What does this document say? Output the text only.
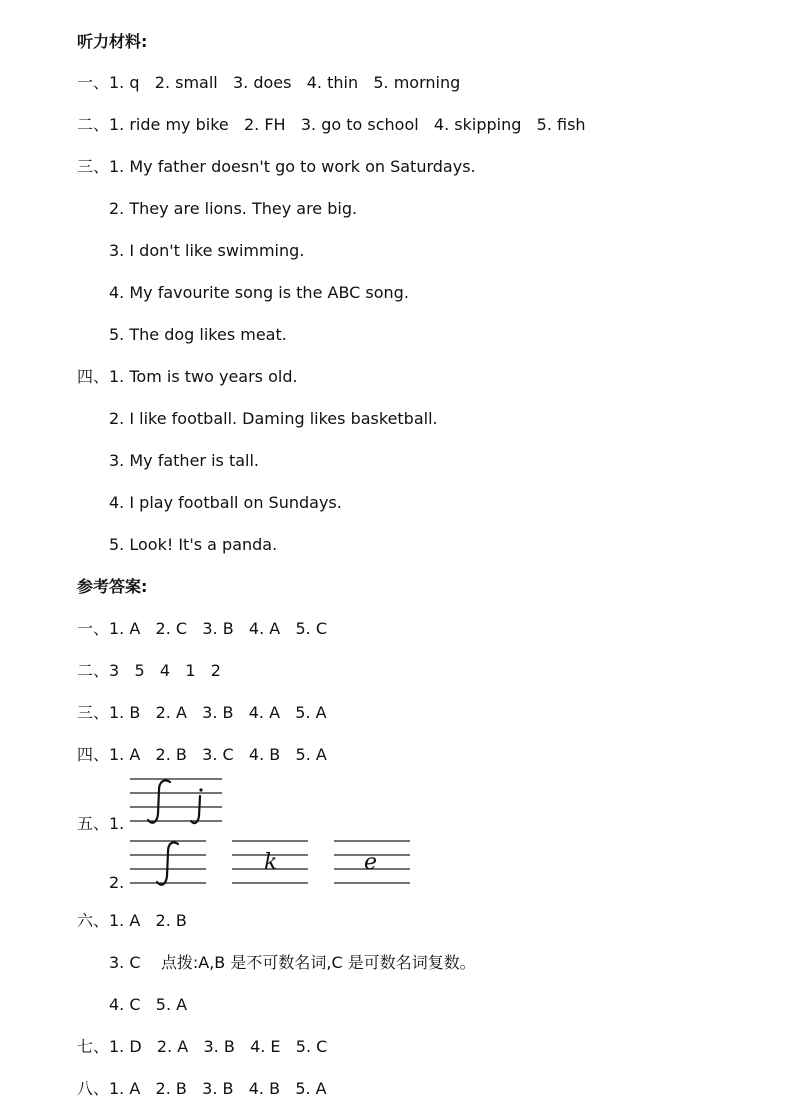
听力材料:
一、1. q   2. small   3. does   4. thin   5. morning
二、1. ride my bike   2. FH   3. go to school   4. skipping   5. fish
三、1. My father doesn't go to work on Saturdays.
2. They are lions. They are big.
3. I don't like swimming.
4. My favourite song is the ABC song.
5. The dog likes meat.
四、1. Tom is two years old.
2. I like football. Daming likes basketball.
3. My father is tall.
4. I play football on Sundays.
5. Look! It's a panda.
参考答案:
一、1. A   2. C   3. B   4. A   5. C
二、3   5   4   1   2
三、1. B   2. A   3. B   4. A   5. A
四、1. A   2. B   3. C   4. B   5. A
五、1.
2.
k	e
六、1. A   2. B
3. C    点拨:A,B 是不可数名词,C 是可数名词复数。
4. C   5. A
七、1. D   2. A   3. B   4. E   5. C
八、1. A   2. B   3. B   4. B   5. A
